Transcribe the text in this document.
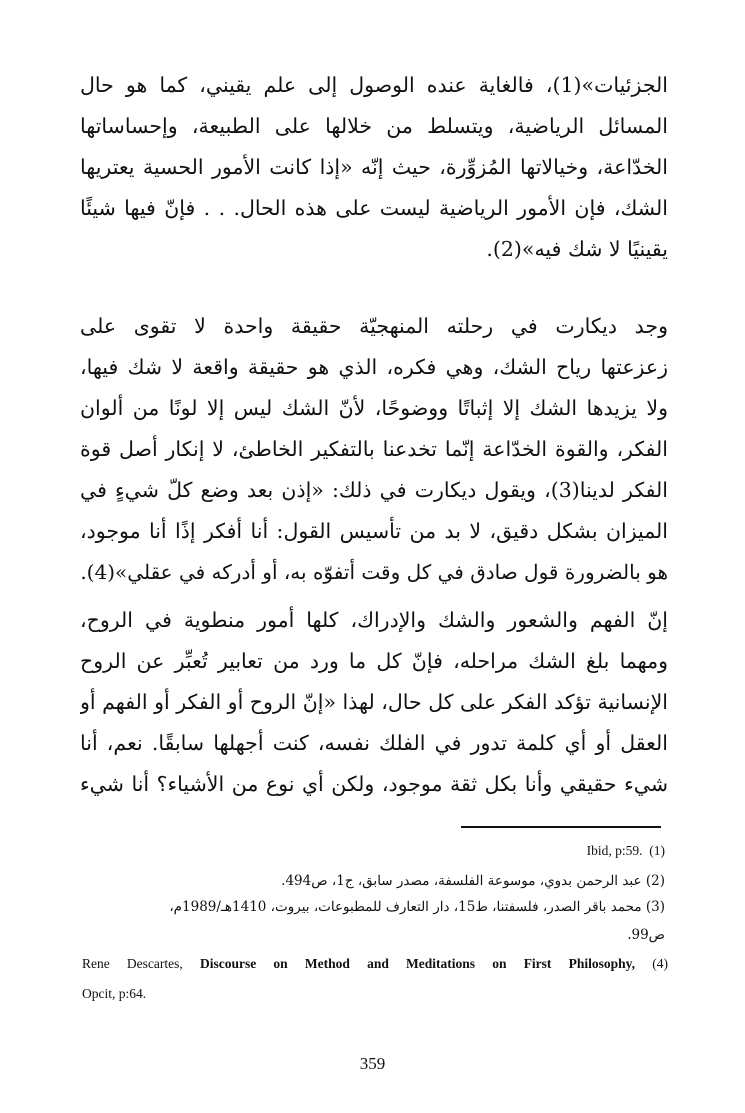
الجزئيات»(1)، فالغاية عنده الوصول إلى علم يقيني، كما هو حال
المسائل الرياضية، ويتسلط من خلالها على الطبيعة، وإحساساتها
الخدّاعة، وخيالاتها المُزوِّرة، حيث إنّه «إذا كانت الأمور الحسية يعتريها
الشك، فإن الأمور الرياضية ليست على هذه الحال. . . فإنّ فيها شيئًا
يقينيًا لا شك فيه»(2).
وجد ديكارت في رحلته المنهجيّة حقيقة واحدة لا تقوى على
زعزعتها رياح الشك، وهي فكره، الذي هو حقيقة واقعة لا شك فيها،
ولا يزيدها الشك إلا إثباتًا ووضوحًا، لأنّ الشك ليس إلا لونًا من ألوان
الفكر، والقوة الخدّاعة إنّما تخدعنا بالتفكير الخاطئ، لا إنكار أصل قوة
الفكر لدينا(3)، ويقول ديكارت في ذلك: «إذن بعد وضع كلّ شيءٍ في
الميزان بشكل دقيق، لا بد من تأسيس القول: أنا أفكر إذًا أنا موجود،
هو بالضرورة قول صادق في كل وقت أتفوّه به، أو أدركه في عقلي»(4).
إنّ الفهم والشعور والشك والإدراك، كلها أمور منطوية في الروح،
ومهما بلغ الشك مراحله، فإنّ كل ما ورد من تعابير تُعبِّر عن الروح
الإنسانية تؤكد الفكر على كل حال، لهذا «إنّ الروح أو الفكر أو الفهم أو
العقل أو أي كلمة تدور في الفلك نفسه، كنت أجهلها سابقًا. نعم، أنا
شيء حقيقي وأنا بكل ثقة موجود، ولكن أي نوع من الأشياء؟ أنا شيء
Ibid, p:59. (1)
(2) عبد الرحمن بدوي، موسوعة الفلسفة، مصدر سابق، ج1، ص494.
(3) محمد باقر الصدر، فلسفتنا، ط15، دار التعارف للمطبوعات، بيروت، 1410هـ/1989م،
ص99.
Rene Descartes, Discourse on Method and Meditations on First Philosophy, (4)
Opcit, p:64.
359
